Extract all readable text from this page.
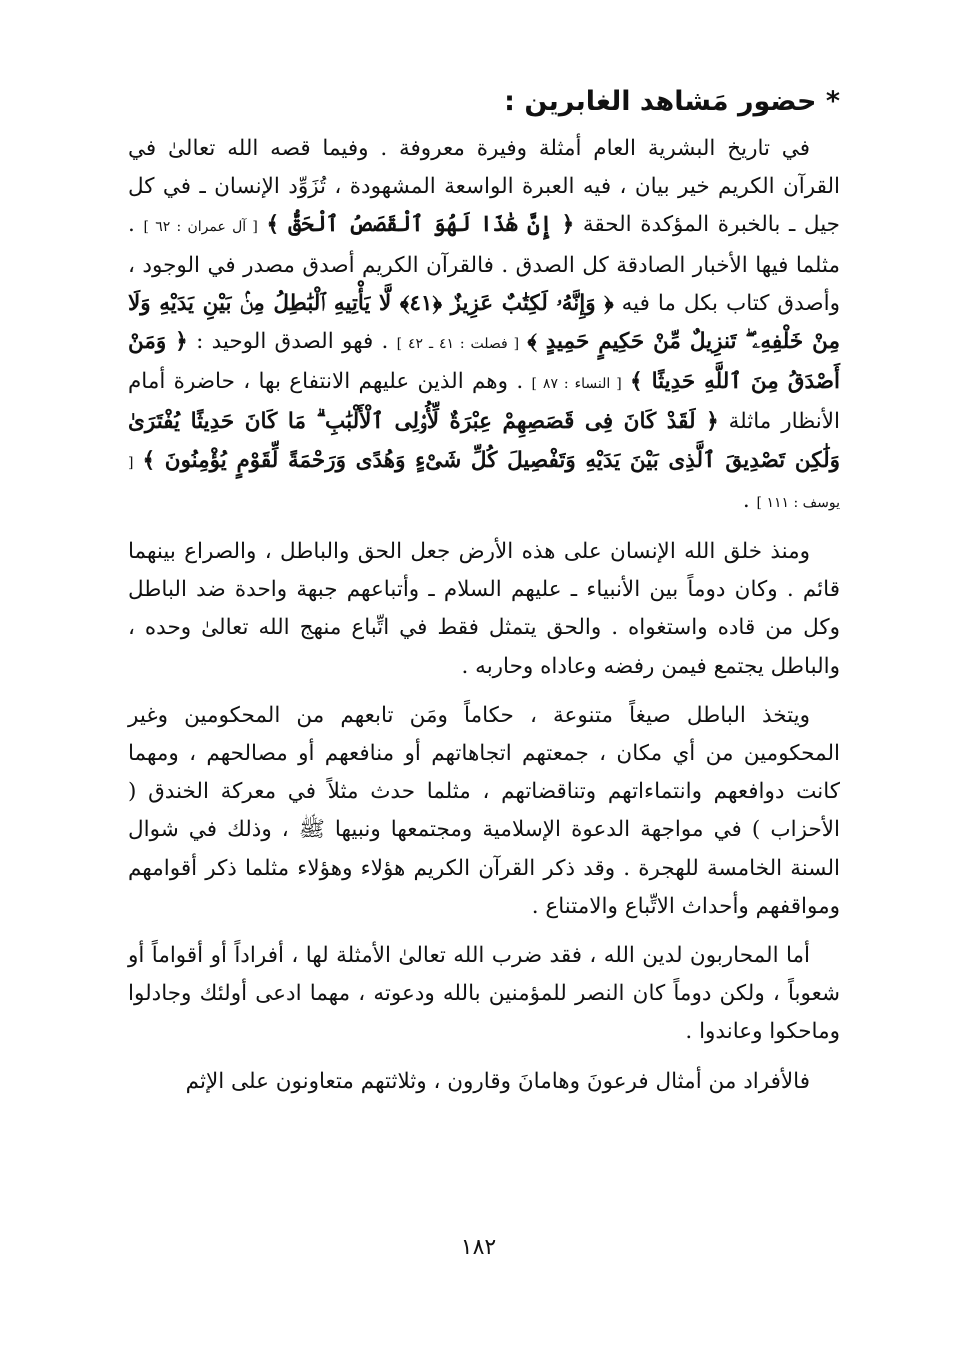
* حضور مَشاهد الغابرين :

في تاريخ البشرية العام أمثلة وفيرة معروفة . وفيما قصه الله تعالىٰ في القرآن الكريم خير بيان ، فيه العبرة الواسعة المشهودة ، تُزَوِّد الإنسان ـ في كل جيل ـ بالخبرة المؤكدة الحقة ﴿ إِنَّ هَٰذَا لَهُوَ ٱلْقَصَصُ ٱلْحَقُّ ﴾ [ آل عمران : ٦٢ ] . مثلما فيها الأخبار الصادقة كل الصدق . فالقرآن الكريم أصدق مصدر في الوجود ، وأصدق كتاب بكل ما فيه ﴿ وَإِنَّهُۥ لَكِتَٰبٌ عَزِيزٌ ﴿٤١﴾ لَّا يَأْتِيهِ ٱلْبَٰطِلُ مِنۢ بَيْنِ يَدَيْهِ وَلَا مِنْ خَلْفِهِۦ ۖ تَنزِيلٌ مِّنْ حَكِيمٍ حَمِيدٍ ﴾ [ فصلت : ٤١ ـ ٤٢ ] . فهو الصدق الوحيد : ﴿ وَمَنْ أَصْدَقُ مِنَ ٱللَّهِ حَدِيثًا ﴾ [ النساء : ٨٧ ] . وهم الذين عليهم الانتفاع بها ، حاضرة أمام الأنظار ماثلة ﴿ لَقَدْ كَانَ فِى قَصَصِهِمْ عِبْرَةٌ لِّأُو۟لِى ٱلْأَلْبَٰبِ ۗ مَا كَانَ حَدِيثًا يُفْتَرَىٰ وَلَٰكِن تَصْدِيقَ ٱلَّذِى بَيْنَ يَدَيْهِ وَتَفْصِيلَ كُلِّ شَىْءٍ وَهُدًى وَرَحْمَةً لِّقَوْمٍ يُؤْمِنُونَ ﴾ [ يوسف : ١١١ ] .

ومنذ خلق الله الإنسان على هذه الأرض جعل الحق والباطل ، والصراع بينهما قائم . وكان دوماً بين الأنبياء ـ عليهم السلام ـ وأتباعهم جبهة واحدة ضد الباطل وكل من قاده واستغواه . والحق يتمثل فقط في اتِّباع منهج الله تعالىٰ وحده ، والباطل يجتمع فيمن رفضه وعاداه وحاربه .

ويتخذ الباطل صيغاً متنوعة ، حكاماً ومَن تابعهم من المحكومين وغير المحكومين من أي مكان ، جمعتهم اتجاهاتهم أو منافعهم أو مصالحهم ، ومهما كانت دوافعهم وانتماءاتهم وتناقضاتهم ، مثلما حدث مثلاً في معركة الخندق ( الأحزاب ) في مواجهة الدعوة الإسلامية ومجتمعها ونبيها ﷺ ، وذلك في شوال السنة الخامسة للهجرة . وقد ذكر القرآن الكريم هؤلاء وهؤلاء مثلما ذكر أقوامهم ومواقفهم وأحداث الاتِّباع والامتناع .

أما المحاربون لدين الله ، فقد ضرب الله تعالىٰ الأمثلة لها ، أفراداً أو أقواماً أو شعوباً ، ولكن دوماً كان النصر للمؤمنين بالله ودعوته ، مهما ادعى أولئك وجادلوا وماحكوا وعاندوا .

فالأفراد من أمثال فرعونَ وهامانَ وقارون ، وثلاثتهم متعاونون على الإثم

١٨٢
